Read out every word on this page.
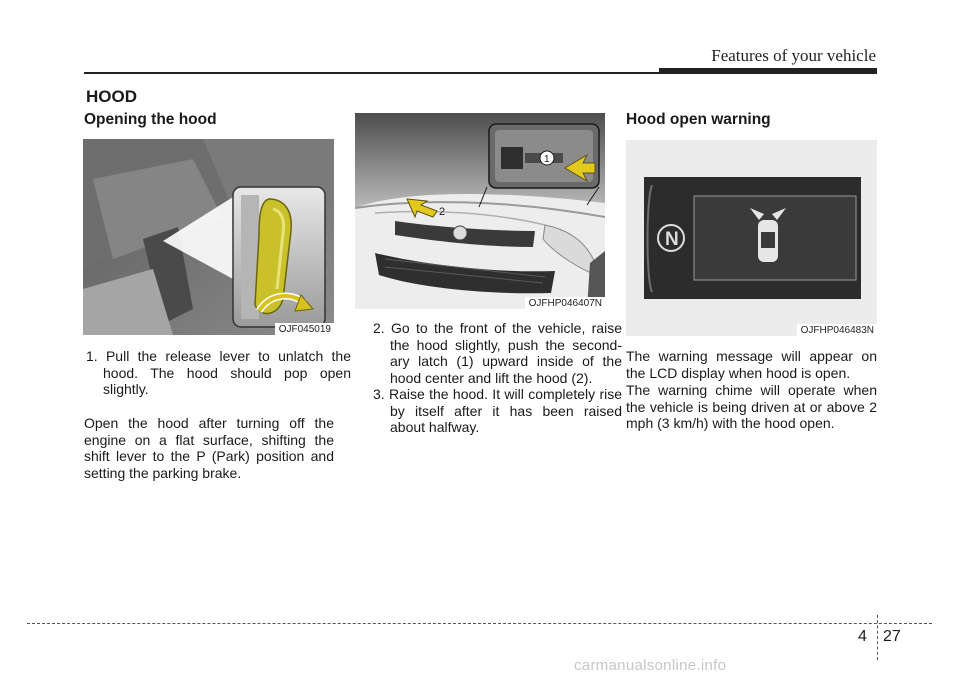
Features of your vehicle
HOOD
Opening the hood
OJF045019
1. Pull the release lever to unlatch the hood. The hood should pop open slightly.
Open the hood after turning off the engine on a flat surface, shifting the shift lever to the P (Park) position and setting the parking brake.
1
2
OJFHP046407N
2. Go to the front of the vehicle, raise the hood slightly, push the second-ary latch (1) upward inside of the hood center and lift the hood (2).
3. Raise the hood. It will completely rise by itself after it has been raised about halfway.
Hood open warning
N
OJFHP046483N
The warning message will appear on the LCD display when hood is open.
The warning chime will operate when the vehicle is being driven at or above 2 mph (3 km/h) with the hood open.
4 27
carmanualsonline.info
